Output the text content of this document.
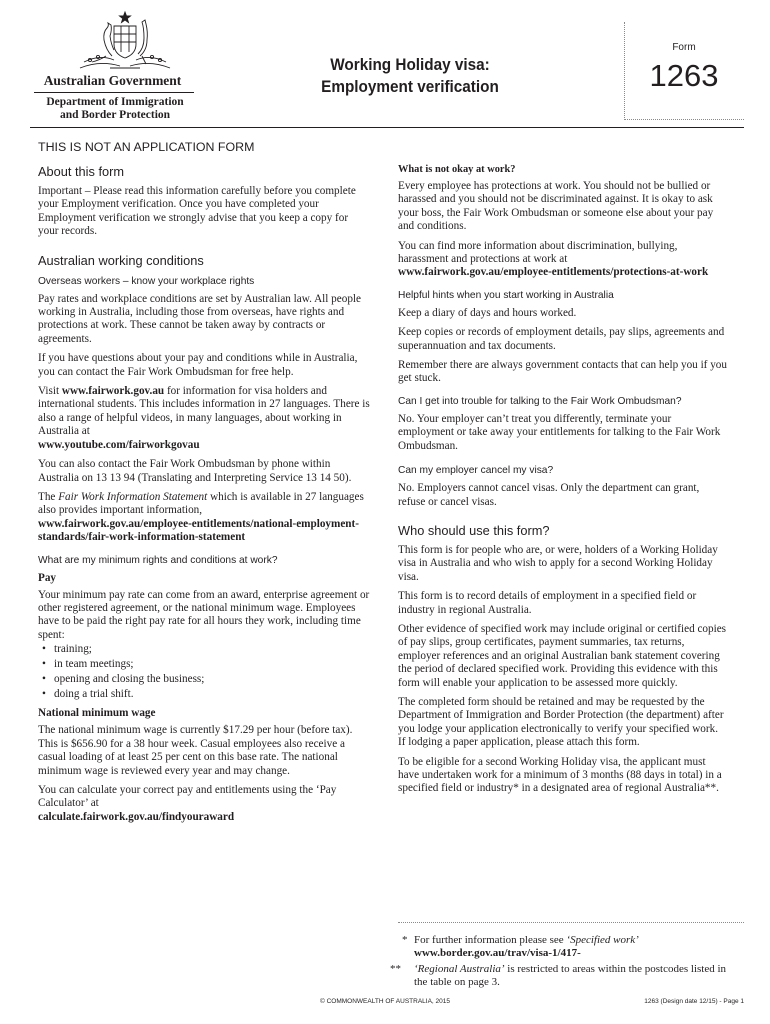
Australian Government
Department of Immigration
and Border Protection
Working Holiday visa:
Employment verification
Form
1263
THIS IS NOT AN APPLICATION FORM
About this form

Important – Please read this information carefully before you complete your Employment verification. Once you have completed your Employment verification we strongly advise that you keep a copy for your records.

Australian working conditions
Overseas workers – know your workplace rights

Pay rates and workplace conditions are set by Australian law. All people working in Australia, including those from overseas, have rights and protections at work. These cannot be taken away by contracts or agreements.

If you have questions about your pay and conditions while in Australia, you can contact the Fair Work Ombudsman for free help.

Visit www.fairwork.gov.au for information for visa holders and international students. This includes information in 27 languages. There is also a range of helpful videos, in many languages, about working in Australia at
www.youtube.com/fairworkgovau

You can also contact the Fair Work Ombudsman by phone within Australia on 13 13 94 (Translating and Interpreting Service 13 14 50).

The Fair Work Information Statement which is available in 27 languages also provides important information,
www.fairwork.gov.au/employee-entitlements/national-employment-standards/fair-work-information-statement

What are my minimum rights and conditions at work?
Pay

Your minimum pay rate can come from an award, enterprise agreement or other registered agreement, or the national minimum wage. Employees have to be paid the right pay rate for all hours they work, including time spent:

• training;
• in team meetings;
• opening and closing the business;
• doing a trial shift.
National minimum wage

The national minimum wage is currently $17.29 per hour (before tax). This is $656.90 for a 38 hour week. Casual employees also receive a casual loading of at least 25 per cent on this base rate. The national minimum wage is reviewed every year and may change.

You can calculate your correct pay and entitlements using the ‘Pay Calculator’ at
calculate.fairwork.gov.au/findyouraward

What is not okay at work?

Every employee has protections at work. You should not be bullied or harassed and you should not be discriminated against. It is okay to ask your boss, the Fair Work Ombudsman or someone else about your pay and conditions.

You can find more information about discrimination, bullying, harassment and protections at work at
www.fairwork.gov.au/employee-entitlements/protections-at-work

Helpful hints when you start working in Australia

Keep a diary of days and hours worked.

Keep copies or records of employment details, pay slips, agreements and superannuation and tax documents.

Remember there are always government contacts that can help you if you get stuck.

Can I get into trouble for talking to the Fair Work Ombudsman?

No. Your employer can’t treat you differently, terminate your employment or take away your entitlements for talking to the Fair Work Ombudsman.

Can my employer cancel my visa?

No. Employers cannot cancel visas. Only the department can grant, refuse or cancel visas.

Who should use this form?

This form is for people who are, or were, holders of a Working Holiday visa in Australia and who wish to apply for a second Working Holiday visa.

This form is to record details of employment in a specified field or industry in regional Australia.

Other evidence of specified work may include original or certified copies of pay slips, group certificates, payment summaries, tax returns, employer references and an original Australian bank statement covering the period of declared specified work. Providing this evidence with this form will enable your application to be assessed more quickly.

The completed form should be retained and may be requested by the Department of Immigration and Border Protection (the department) after you lodge your application electronically to verify your specified work. If lodging a paper application, please attach this form.

To be eligible for a second Working Holiday visa, the applicant must have undertaken work for a minimum of 3 months (88 days in total) in a specified field or industry* in a designated area of regional Australia**.

* For further information please see ‘Specified work’
www.border.gov.au/trav/visa-1/417-
** ‘Regional Australia’ is restricted to areas within the postcodes listed in the table on page 3.
© COMMONWEALTH OF AUSTRALIA, 2015	1263 (Design date 12/15) - Page 1
